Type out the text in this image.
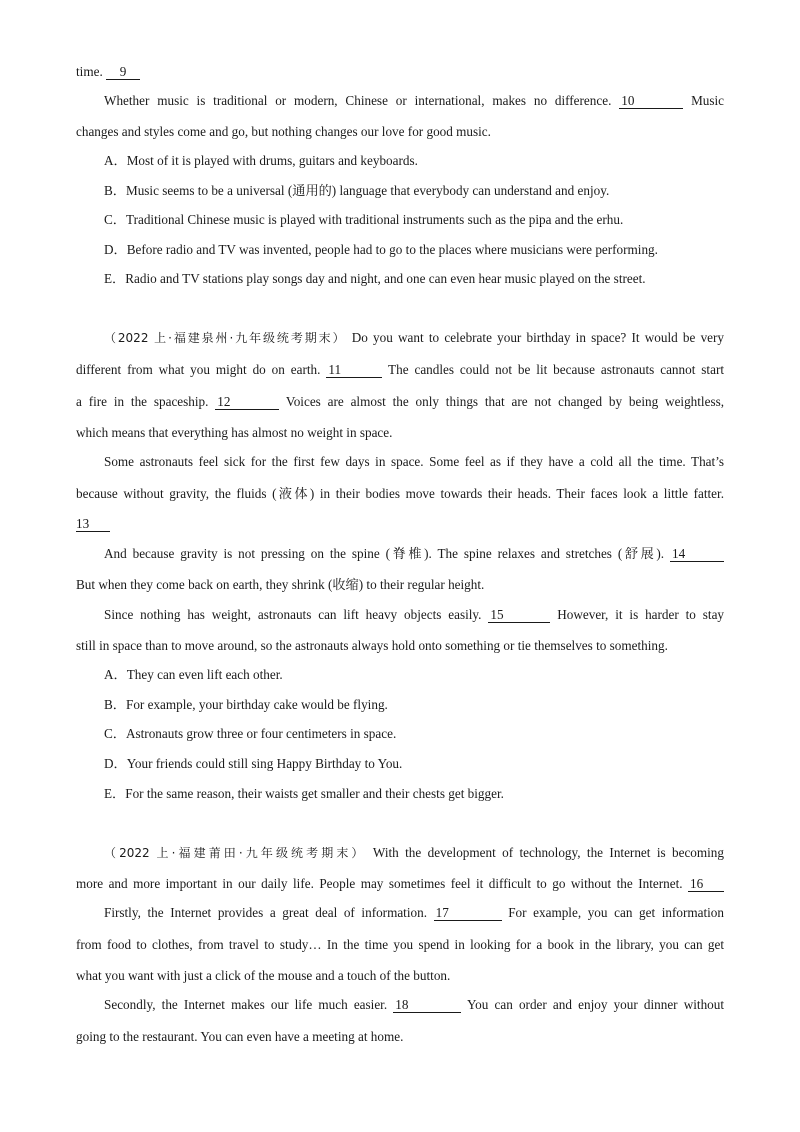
time. 9
Whether music is traditional or modern, Chinese or international, makes no difference. 10	Music
changes and styles come and go, but nothing changes our love for good music.
A．Most of it is played with drums, guitars and keyboards.
B．Music seems to be a universal (通用的) language that everybody can understand and enjoy.
C．Traditional Chinese music is played with traditional instruments such as the pipa and the erhu.
D．Before radio and TV was invented, people had to go to the places where musicians were performing.
E．Radio and TV stations play songs day and night, and one can even hear music played on the street.
（2022 上·福建泉州·九年级统考期末） Do you want to celebrate your birthday in space? It would be very
different from what you might do on earth. 11	The candles could not be lit because astronauts cannot start
a fire in the spaceship. 12	Voices are almost the only things that are not changed by being weightless,
which means that everything has almost no weight in space.
Some astronauts feel sick for the first few days in space. Some feel as if they have a cold all the time. That’s
because without gravity, the fluids (液体) in their bodies move towards their heads. Their faces look a little fatter.
13
And because gravity is not pressing on the spine (脊椎). The spine relaxes and stretches (舒展). 14
But when they come back on earth, they shrink (收缩) to their regular height.
Since nothing has weight, astronauts can lift heavy objects easily. 15	However, it is harder to stay
still in space than to move around, so the astronauts always hold onto something or tie themselves to something.
A．They can even lift each other.
B．For example, your birthday cake would be flying.
C．Astronauts grow three or four centimeters in space.
D．Your friends could still sing Happy Birthday to You.
E．For the same reason, their waists get smaller and their chests get bigger.
（2022 上·福建莆田·九年级统考期末） With the development of technology, the Internet is becoming
more and more important in our daily life. People may sometimes feel it difficult to go without the Internet. 16
Firstly, the Internet provides a great deal of information. 17	For example, you can get information
from food to clothes, from travel to study… In the time you spend in looking for a book in the library, you can get
what you want with just a click of the mouse and a touch of the button.
Secondly, the Internet makes our life much easier. 18	You can order and enjoy your dinner without
going to the restaurant. You can even have a meeting at home.
